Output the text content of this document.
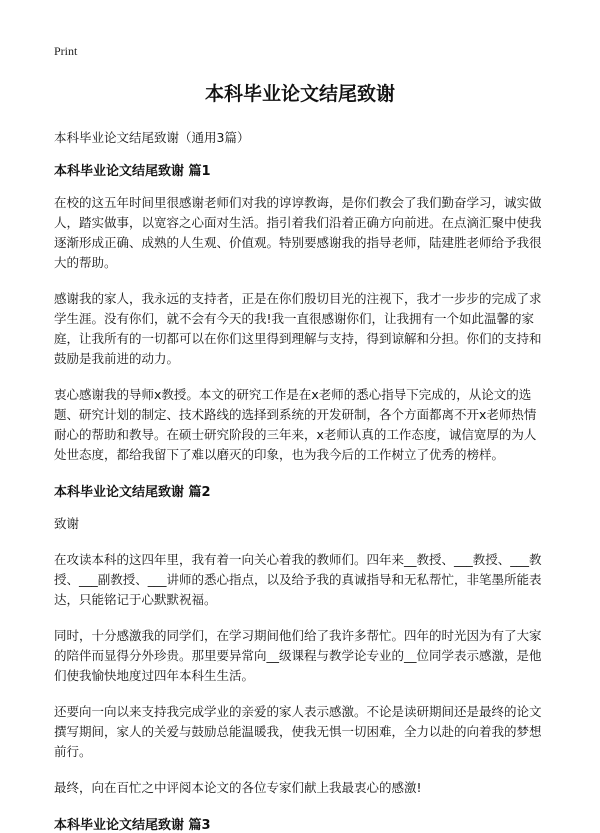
Print
本科毕业论文结尾致谢

本科毕业论文结尾致谢（通用3篇）

本科毕业论文结尾致谢 篇1

在校的这五年时间里很感谢老师们对我的谆谆教诲，是你们教会了我们勤奋学习，诚实做人，踏实做事，以宽容之心面对生活。指引着我们沿着正确方向前进。在点滴汇聚中使我逐渐形成正确、成熟的人生观、价值观。特别要感谢我的指导老师，陆建胜老师给予我很大的帮助。

感谢我的家人，我永远的支持者，正是在你们殷切目光的注视下，我才一步步的完成了求学生涯。没有你们，就不会有今天的我!我一直很感谢你们，让我拥有一个如此温馨的家庭，让我所有的一切都可以在你们这里得到理解与支持，得到谅解和分担。你们的支持和鼓励是我前进的动力。

衷心感谢我的导师x教授。本文的研究工作是在x老师的悉心指导下完成的，从论文的选题、研究计划的制定、技术路线的选择到系统的开发研制，各个方面都离不开x老师热情耐心的帮助和教导。在硕士研究阶段的三年来，x老师认真的工作态度，诚信宽厚的为人处世态度，都给我留下了难以磨灭的印象，也为我今后的工作树立了优秀的榜样。

本科毕业论文结尾致谢 篇2

致谢

在攻读本科的这四年里，我有着一向关心着我的教师们。四年来__教授、___教授、___教授、___副教授、___讲师的悉心指点，以及给予我的真诚指导和无私帮忙，非笔墨所能表达，只能铭记于心默默祝福。

同时，十分感激我的同学们，在学习期间他们给了我许多帮忙。四年的时光因为有了大家的陪伴而显得分外珍贵。那里要异常向__级课程与教学论专业的__位同学表示感激，是他们使我愉快地度过四年本科生生活。

还要向一向以来支持我完成学业的亲爱的家人表示感激。不论是读研期间还是最终的论文撰写期间，家人的关爱与鼓励总能温暖我，使我无惧一切困难，全力以赴的向着我的梦想前行。

最终，向在百忙之中评阅本论文的各位专家们献上我最衷心的感激!

本科毕业论文结尾致谢 篇3
